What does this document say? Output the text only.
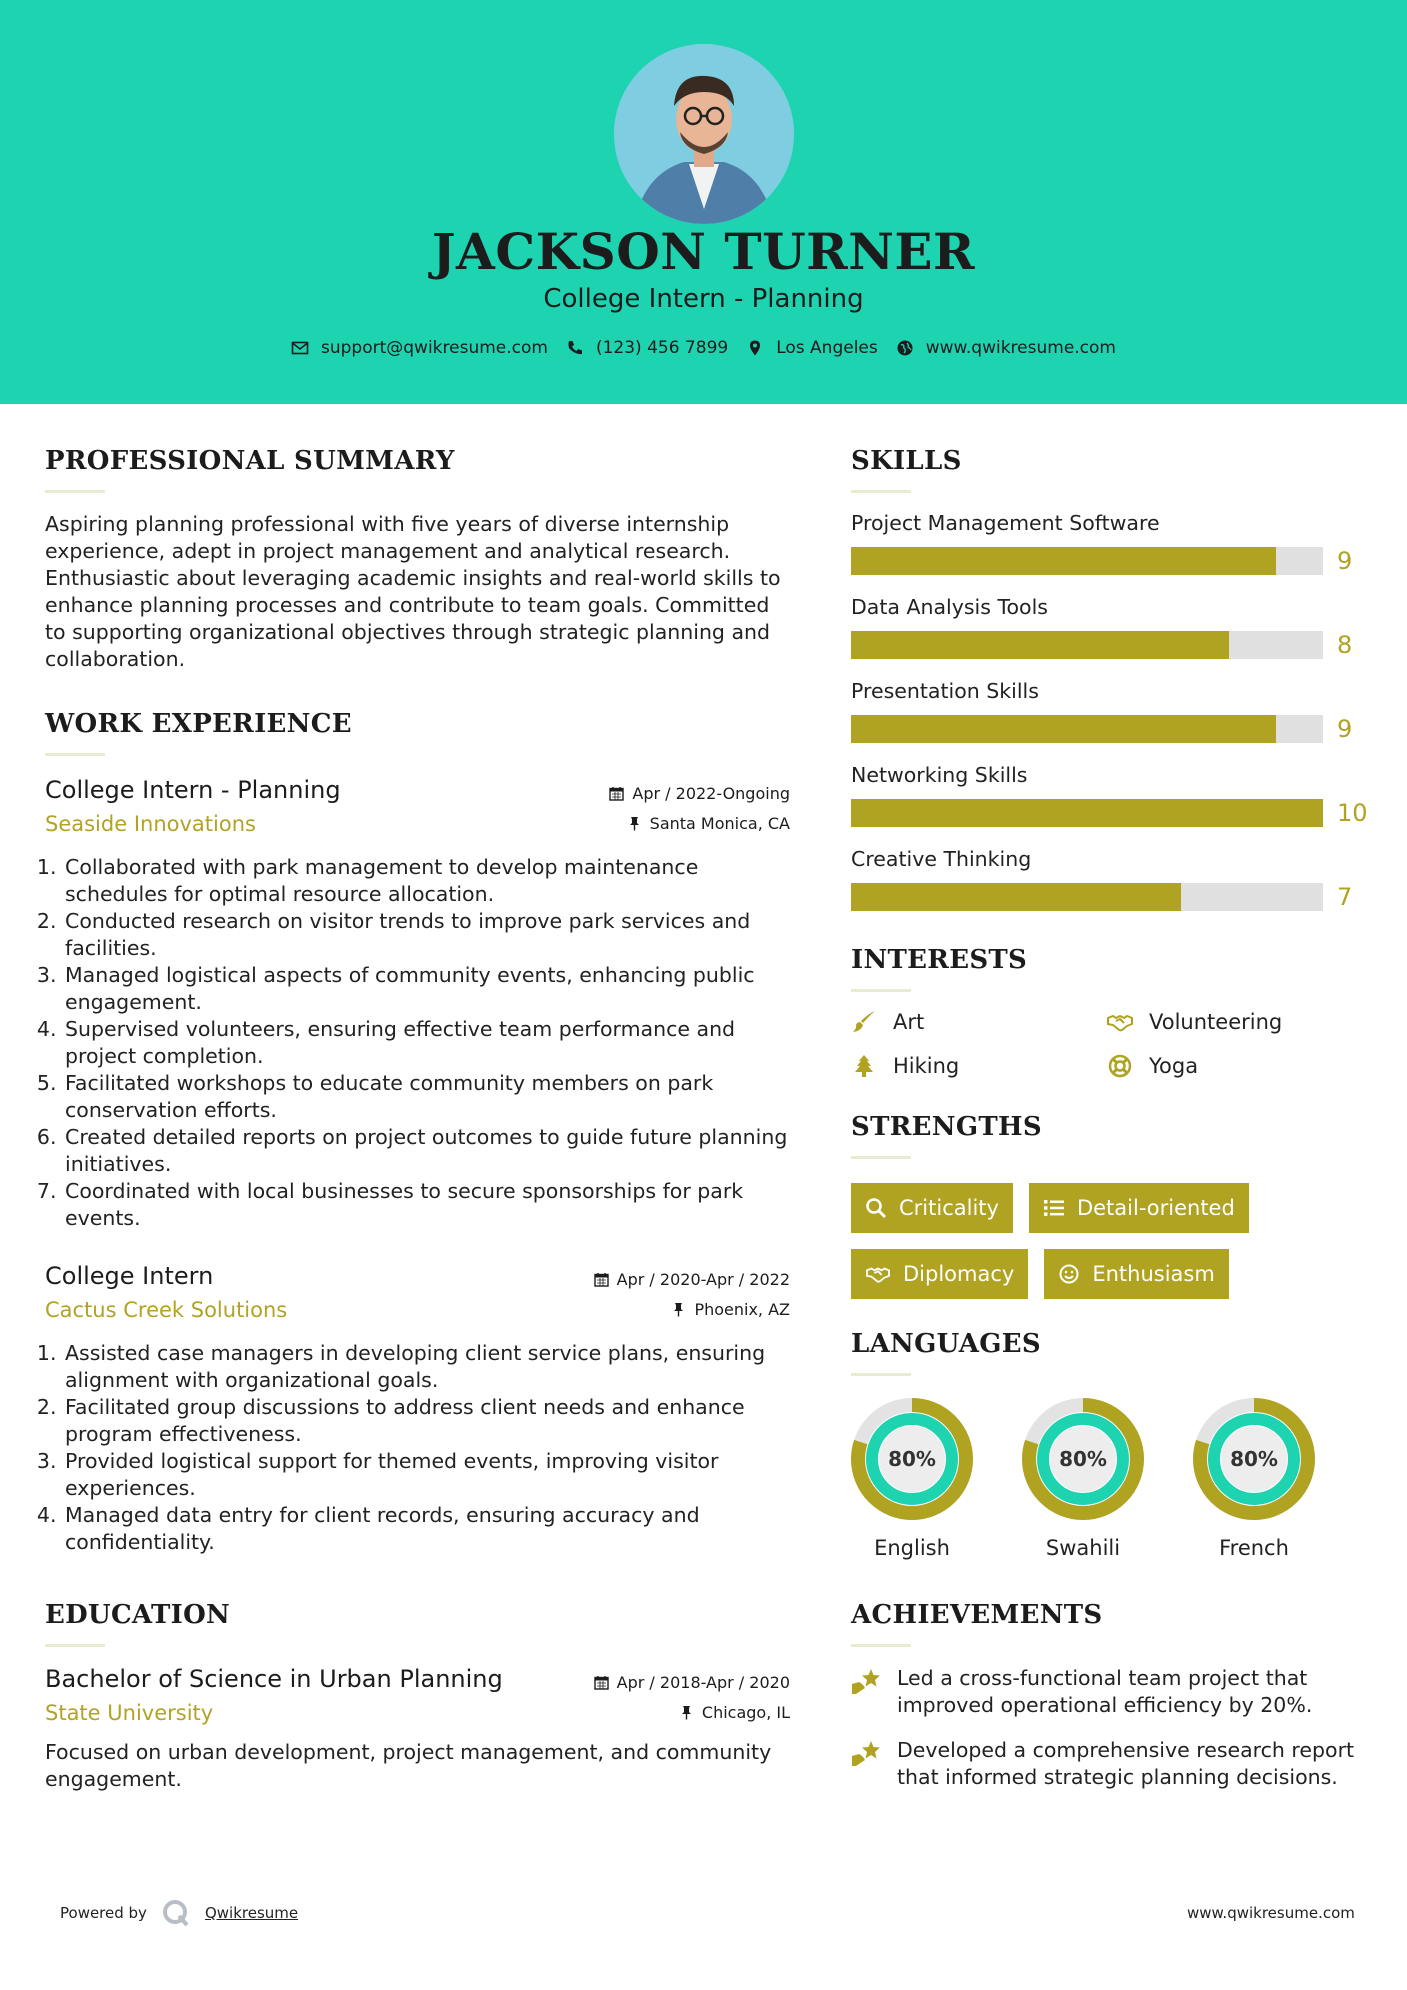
JACKSON TURNER
College Intern - Planning
support@qwikresume.com	(123) 456 7899	Los Angeles	www.qwikresume.com
PROFESSIONAL SUMMARY
Aspiring planning professional with five years of diverse internship experience, adept in project management and analytical research. Enthusiastic about leveraging academic insights and real-world skills to enhance planning processes and contribute to team goals. Committed to supporting organizational objectives through strategic planning and collaboration.
WORK EXPERIENCE
College Intern - Planning	Apr / 2022-Ongoing
Seaside Innovations	Santa Monica, CA
1. Collaborated with park management to develop maintenance schedules for optimal resource allocation.
2. Conducted research on visitor trends to improve park services and facilities.
3. Managed logistical aspects of community events, enhancing public engagement.
4. Supervised volunteers, ensuring effective team performance and project completion.
5. Facilitated workshops to educate community members on park conservation efforts.
6. Created detailed reports on project outcomes to guide future planning initiatives.
7. Coordinated with local businesses to secure sponsorships for park events.
College Intern	Apr / 2020-Apr / 2022
Cactus Creek Solutions	Phoenix, AZ
1. Assisted case managers in developing client service plans, ensuring alignment with organizational goals.
2. Facilitated group discussions to address client needs and enhance program effectiveness.
3. Provided logistical support for themed events, improving visitor experiences.
4. Managed data entry for client records, ensuring accuracy and confidentiality.
EDUCATION
Bachelor of Science in Urban Planning	Apr / 2018-Apr / 2020
State University	Chicago, IL
Focused on urban development, project management, and community engagement.
SKILLS
Project Management Software
9
Data Analysis Tools
8
Presentation Skills
9
Networking Skills
10
Creative Thinking
7
INTERESTS
Art	Volunteering
Hiking	Yoga
STRENGTHS
Criticality	Detail-oriented
Diplomacy	Enthusiasm
LANGUAGES
80%
English
80%
Swahili
80%
French
ACHIEVEMENTS
Led a cross-functional team project that improved operational efficiency by 20%.
Developed a comprehensive research report that informed strategic planning decisions.
Powered by	Qwikresume	www.qwikresume.com
